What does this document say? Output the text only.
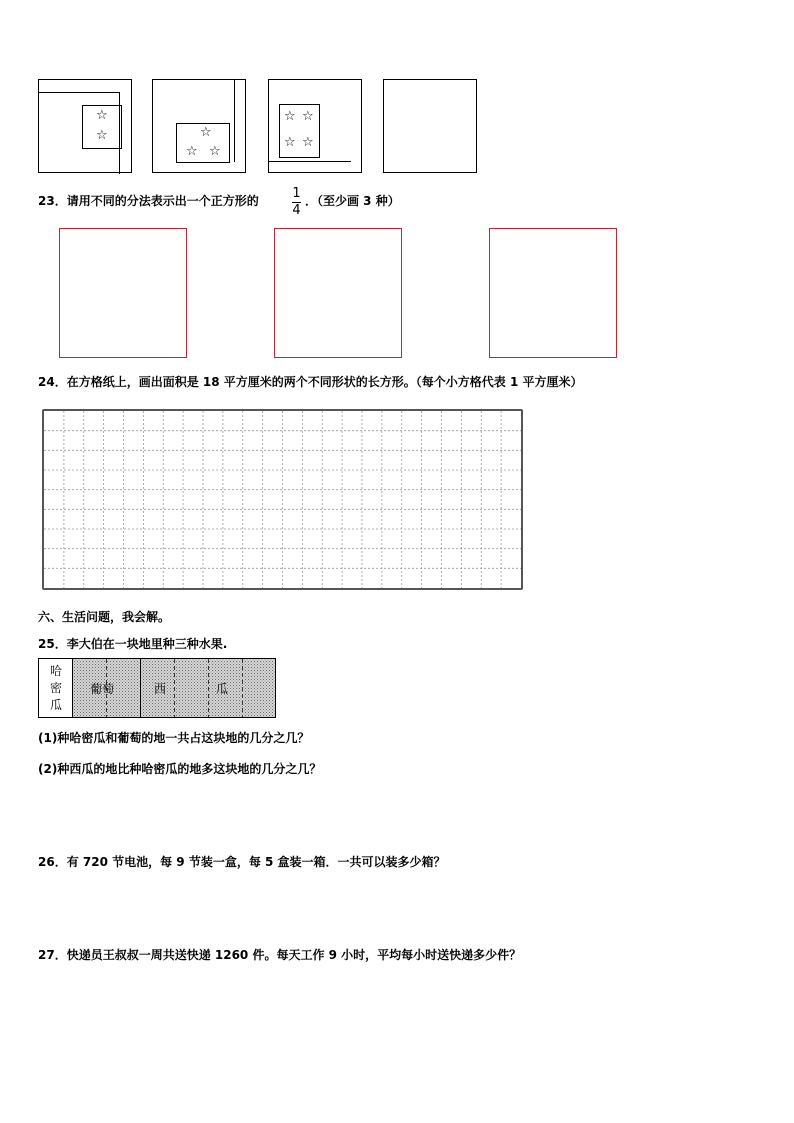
☆
☆	☆
☆ ☆
☆ ☆
☆ ☆
23．请用不同的分法表示出一个正方形的	1
4
．（至少画 3 种）
24．在方格纸上，画出面积是 18 平方厘米的两个不同形状的长方形。（每个小方格代表 1 平方厘米）
六、生活问题，我会解。
25．李大伯在一块地里种三种水果.
哈
密
瓜
葡萄	西	瓜
(1)种哈密瓜和葡萄的地一共占这块地的几分之几？
(2)种西瓜的地比种哈密瓜的地多这块地的几分之几？
26．有 720 节电池，每 9 节装一盒，每 5 盒装一箱．一共可以装多少箱？
27．快递员王叔叔一周共送快递 1260 件。每天工作 9 小时，平均每小时送快递多少件？
